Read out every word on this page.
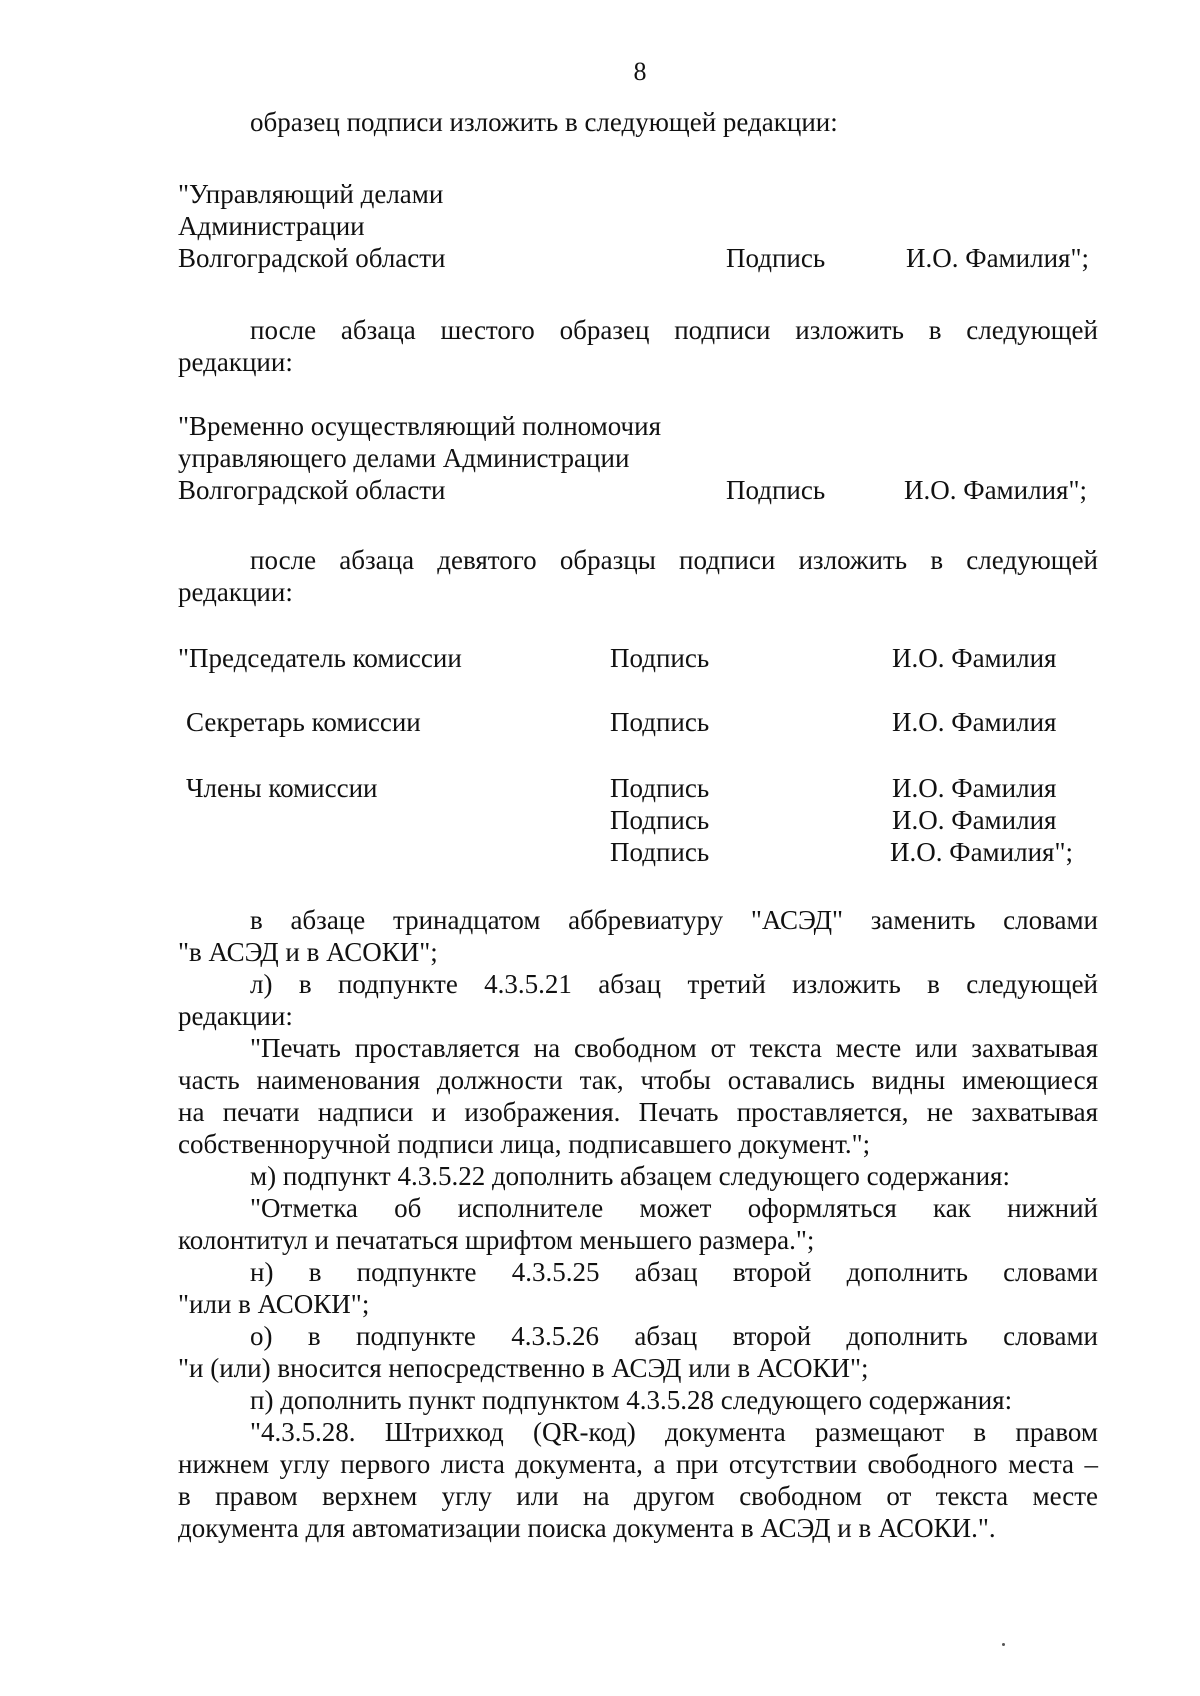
8
образец подписи изложить в следующей редакции:
"Управляющий делами
Администрации
Волгоградской области	Подпись	И.О. Фамилия";
после абзаца шестого образец подписи изложить в следующей
редакции:
"Временно осуществляющий полномочия
управляющего делами Администрации
Волгоградской области	Подпись	И.О. Фамилия";
после абзаца девятого образцы подписи изложить в следующей
редакции:
"Председатель комиссии	Подпись	И.О. Фамилия
Секретарь комиссии	Подпись	И.О. Фамилия
Члены комиссии	Подпись	И.О. Фамилия
Подпись	И.О. Фамилия
Подпись	И.О. Фамилия";
в абзаце тринадцатом аббревиатуру "АСЭД" заменить словами
"в АСЭД и в АСОКИ";
л) в подпункте 4.3.5.21 абзац третий изложить в следующей
редакции:
"Печать проставляется на свободном от текста месте или захватывая
часть наименования должности так, чтобы оставались видны имеющиеся
на печати надписи и изображения. Печать проставляется, не захватывая
собственноручной подписи лица, подписавшего документ.";
м) подпункт 4.3.5.22 дополнить абзацем следующего содержания:
"Отметка об исполнителе может оформляться как нижний
колонтитул и печататься шрифтом меньшего размера.";
н) в подпункте 4.3.5.25 абзац второй дополнить словами
"или в АСОКИ";
о) в подпункте 4.3.5.26 абзац второй дополнить словами
"и (или) вносится непосредственно в АСЭД или в АСОКИ";
п) дополнить пункт подпунктом 4.3.5.28 следующего содержания:
"4.3.5.28. Штрихкод (QR-код) документа размещают в правом
нижнем углу первого листа документа, а при отсутствии свободного места –
в правом верхнем углу или на другом свободном от текста месте
документа для автоматизации поиска документа в АСЭД и в АСОКИ.".
